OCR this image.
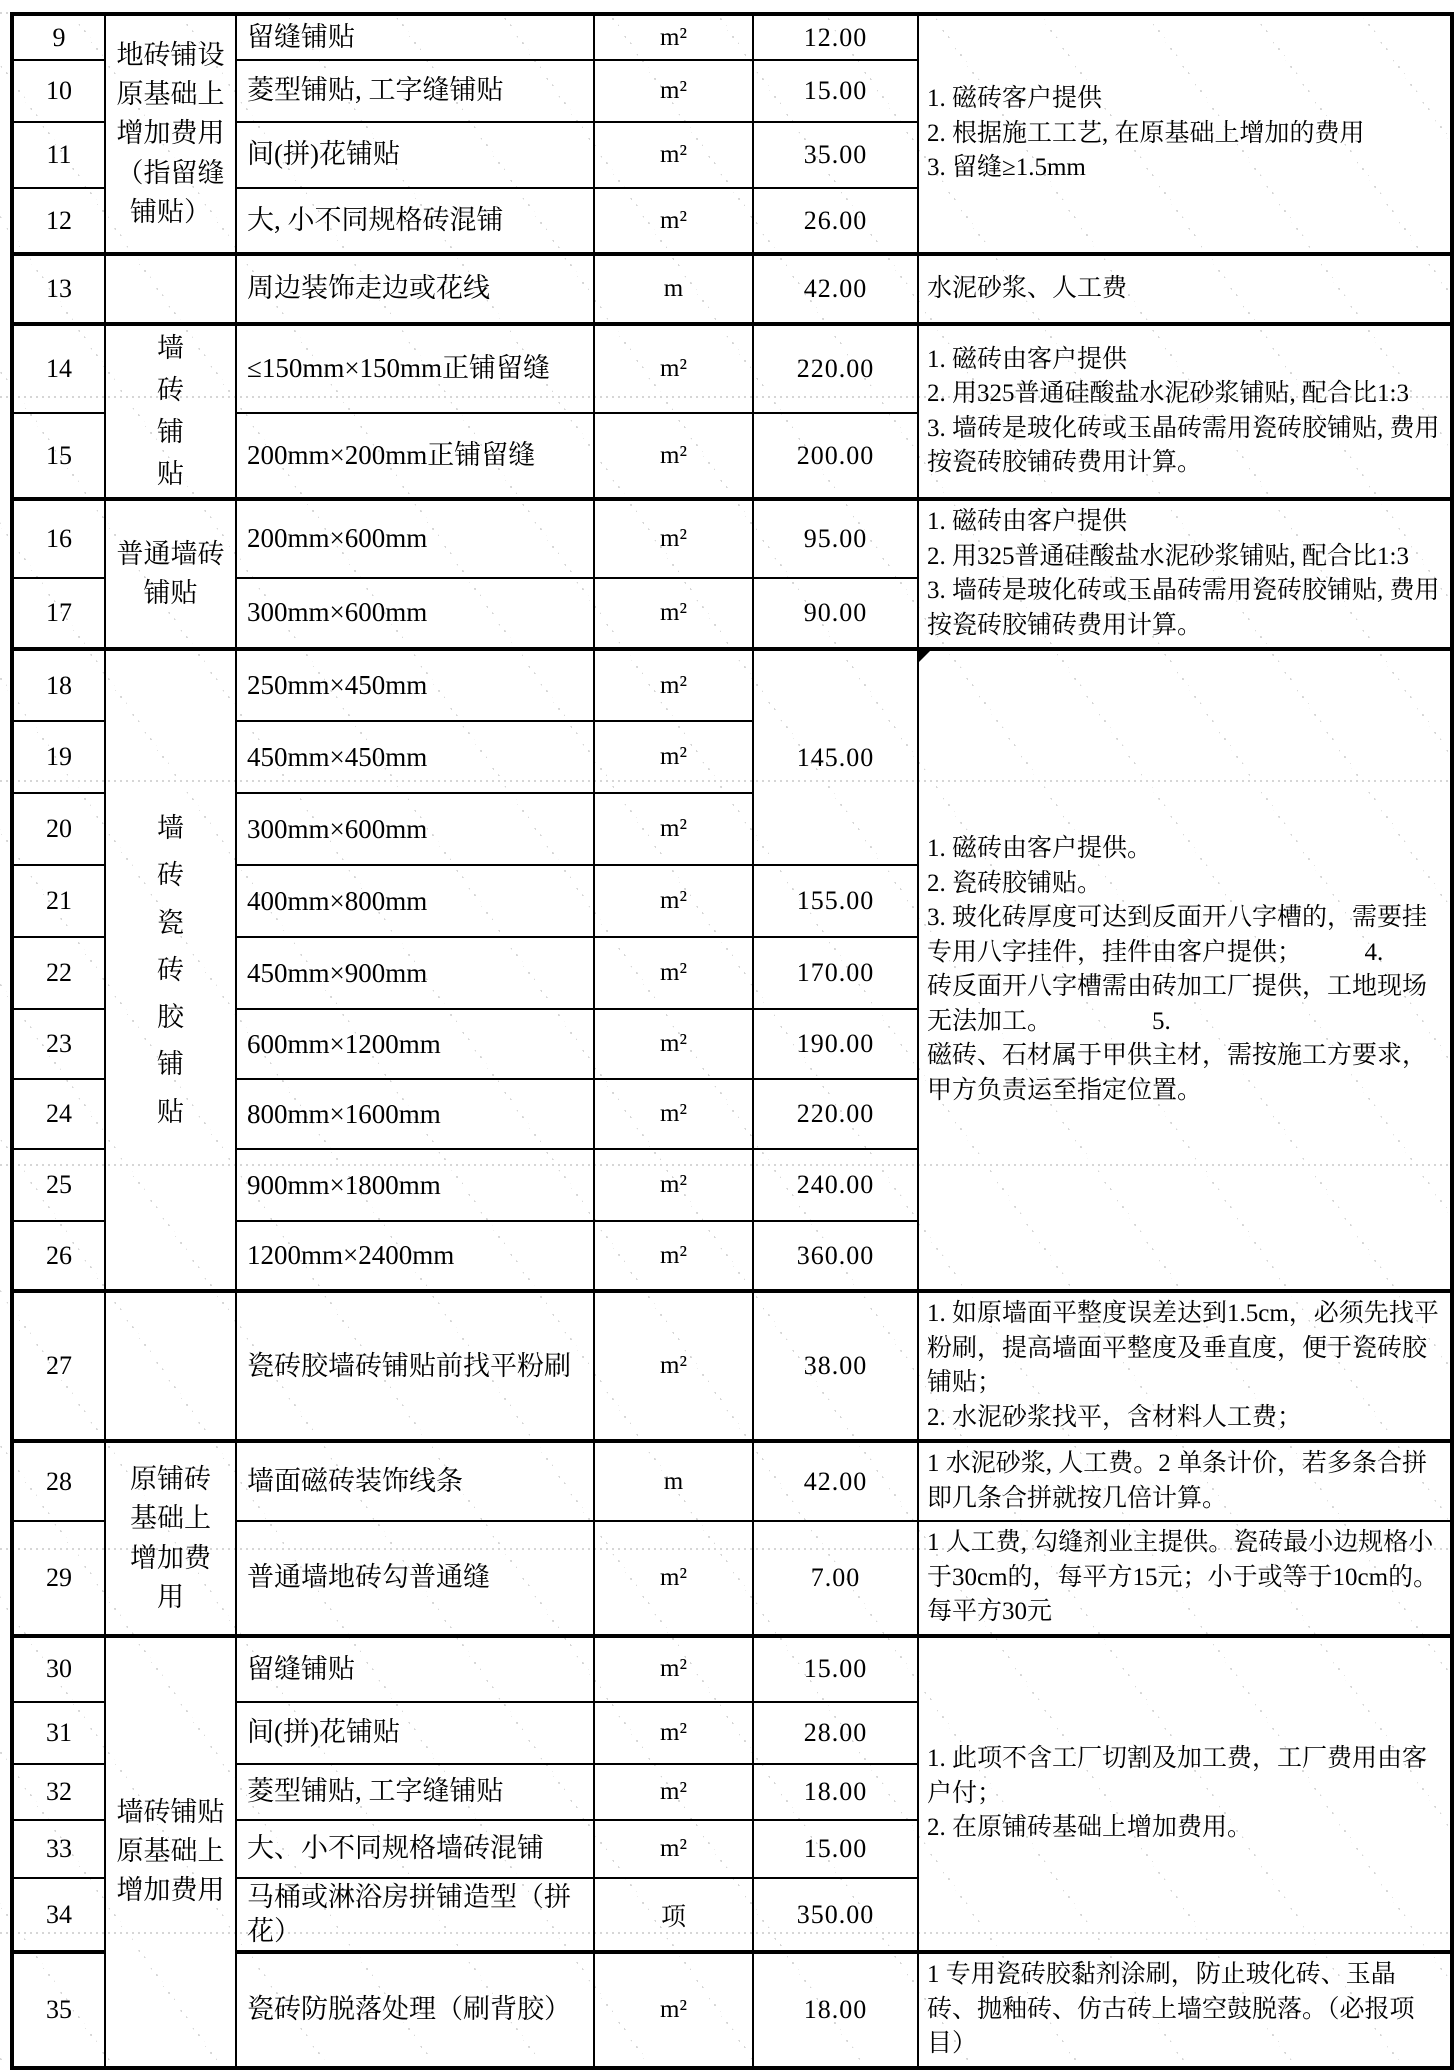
9	地砖铺设
原基础上
增加费用
（指留缝
铺贴）	留缝铺贴	m²	12.00	1. 磁砖客户提供
2. 根据施工工艺, 在原基础上增加的费用
3. 留缝≥1.5mm
10		菱型铺贴, 工字缝铺贴	m²	15.00	
11		间(拼)花铺贴	m²	35.00	
12		大, 小不同规格砖混铺	m²	26.00	
13		周边装饰走边或花线	m	42.00	水泥砂浆、人工费
14	墙砖铺贴	≤150mm×150mm正铺留缝	m²	220.00	1. 磁砖由客户提供
2. 用325普通硅酸盐水泥砂浆铺贴, 配合比1:3
3. 墙砖是玻化砖或玉晶砖需用瓷砖胶铺贴, 费用按瓷砖胶铺砖费用计算。
15		200mm×200mm正铺留缝	m²	200.00	
16	普通墙砖
铺贴	200mm×600mm	m²	95.00	1. 磁砖由客户提供
2. 用325普通硅酸盐水泥砂浆铺贴, 配合比1:3
3. 墙砖是玻化砖或玉晶砖需用瓷砖胶铺贴, 费用按瓷砖胶铺砖费用计算。
17		300mm×600mm	m²	90.00	
18	墙砖瓷砖胶铺贴	250mm×450mm	m²	145.00	1. 磁砖由客户提供。
2. 瓷砖胶铺贴。
3. 玻化砖厚度可达到反面开八字槽的，需要挂专用八字挂件，挂件由客户提供；          4.
砖反面开八字槽需由砖加工厂提供，工地现场无法加工。                5.
磁砖、石材属于甲供主材，需按施工方要求，甲方负责运至指定位置。
19		450mm×450mm	m²		
20		300mm×600mm	m²		
21		400mm×800mm	m²	155.00	
22		450mm×900mm	m²	170.00	
23		600mm×1200mm	m²	190.00	
24		800mm×1600mm	m²	220.00	
25		900mm×1800mm	m²	240.00	
26		1200mm×2400mm	m²	360.00	
27		瓷砖胶墙砖铺贴前找平粉刷	m²	38.00	1. 如原墙面平整度误差达到1.5cm，必须先找平粉刷，提高墙面平整度及垂直度，便于瓷砖胶铺贴；
2. 水泥砂浆找平，含材料人工费；
28	原铺砖
基础上
增加费
用	墙面磁砖装饰线条	m	42.00	1 水泥砂浆, 人工费。2 单条计价，若多条合拼即几条合拼就按几倍计算。
29		普通墙地砖勾普通缝	m²	7.00	1 人工费, 勾缝剂业主提供。瓷砖最小边规格小于30cm的，每平方15元；小于或等于10cm的。每平方30元
30	墙砖铺贴
原基础上
增加费用	留缝铺贴	m²	15.00	1. 此项不含工厂切割及加工费，工厂费用由客户付；
2. 在原铺砖基础上增加费用。
31		间(拼)花铺贴	m²	28.00	
32		菱型铺贴, 工字缝铺贴	m²	18.00	
33		大、小不同规格墙砖混铺	m²	15.00	
34		马桶或淋浴房拼铺造型（拼花）	项	350.00	
35		瓷砖防脱落处理（刷背胶）	m²	18.00	1 专用瓷砖胶黏剂涂刷，防止玻化砖、玉晶砖、抛釉砖、仿古砖上墙空鼓脱落。（必报项目）
